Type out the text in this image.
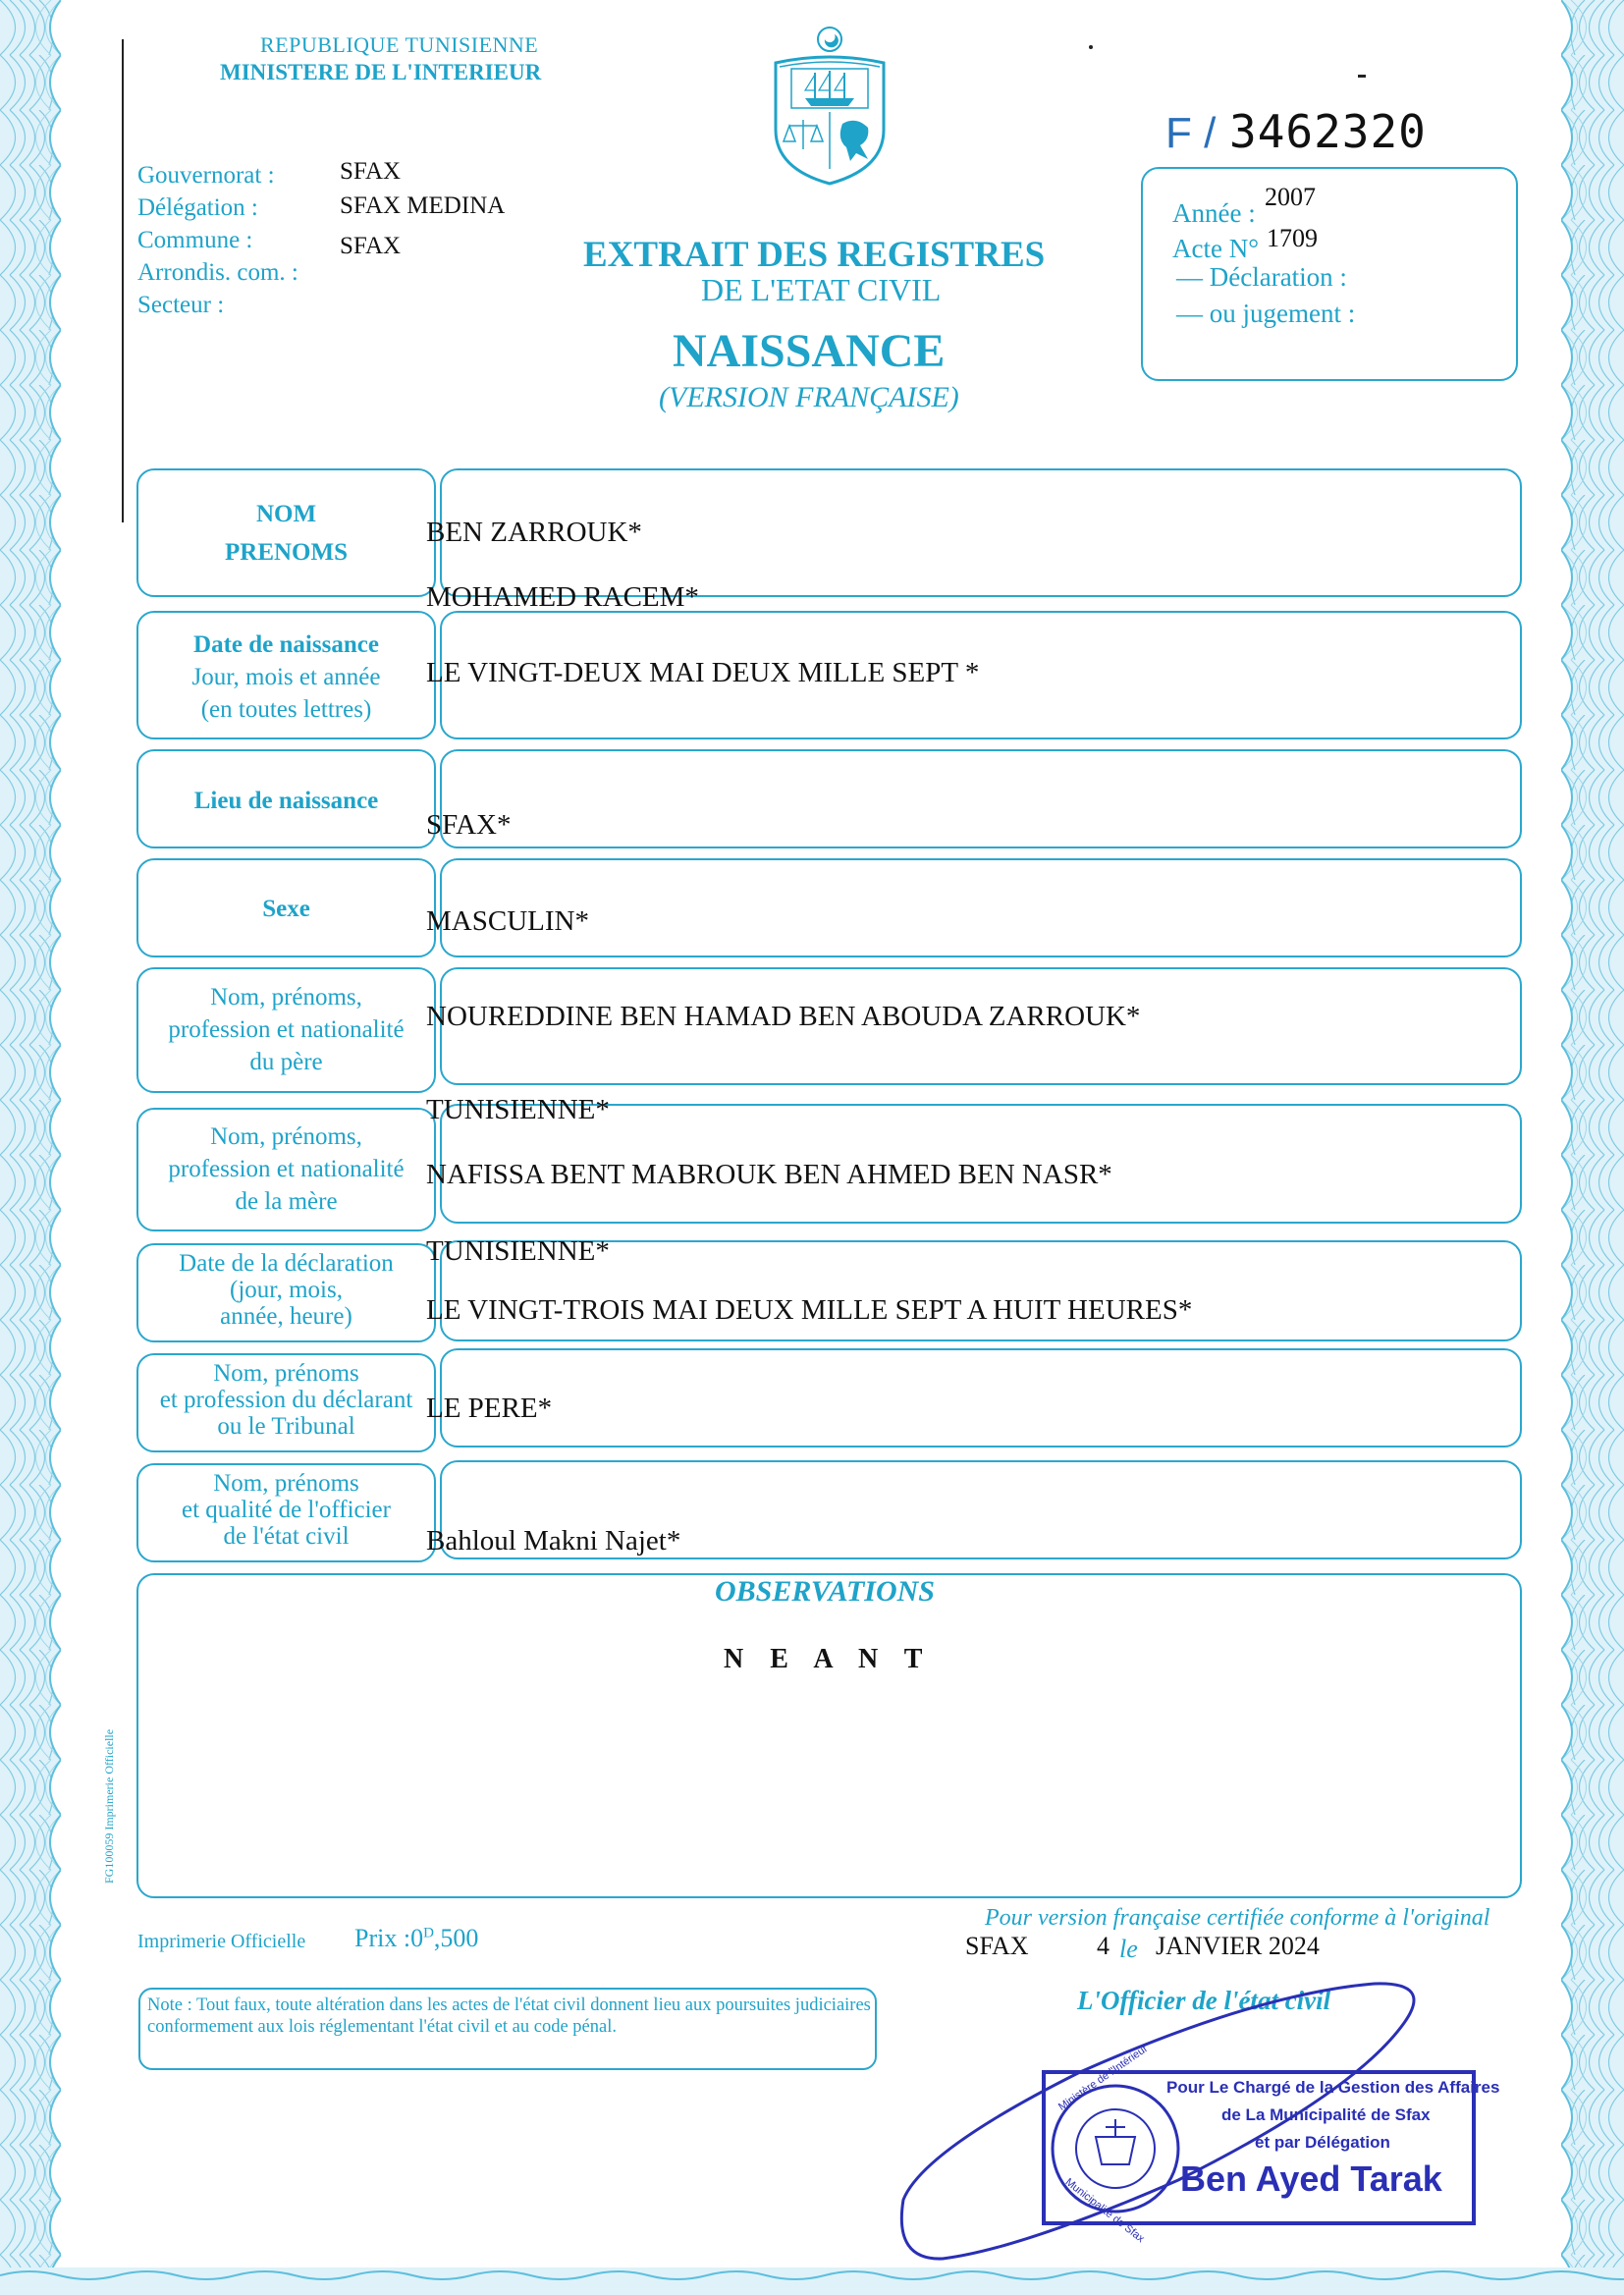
REPUBLIQUE TUNISIENNE
MINISTERE DE L'INTERIEUR
F / 3462320
Gouvernorat :
Délégation :
Commune :
Arrondis. com. :
Secteur :
SFAX
SFAX MEDINA
SFAX	EXTRAIT DES REGISTRES
DE L'ETAT CIVIL
NAISSANCE
(VERSION FRANÇAISE)
Année :
2007
Acte N° 1709
— Déclaration :
— ou jugement :
NOM
PRENOMS
Date de naissance
Jour, mois et année
(en toutes lettres)
Lieu de naissance
Sexe
Nom, prénoms,
profession et nationalité
du père
Nom, prénoms,
profession et nationalité
de la mère
Date de la déclaration
(jour, mois,
année, heure)
Nom, prénoms
et profession du déclarant
ou le Tribunal
Nom, prénoms
et qualité de l'officier
de l'état civil
BEN ZARROUK*
MOHAMED RACEM*
LE VINGT-DEUX MAI DEUX MILLE SEPT *
SFAX*
MASCULIN*
NOUREDDINE BEN HAMAD BEN ABOUDA ZARROUK*
TUNISIENNE*
NAFISSA BENT MABROUK BEN AHMED BEN NASR*
TUNISIENNE*
LE VINGT-TROIS MAI DEUX MILLE SEPT A HUIT HEURES*
LE PERE*
Bahloul Makni Najet*
OBSERVATIONS
N E A N T
FG100059 Imprimerie Officielle
Imprimerie Officielle Prix $:0^D,500$
Note : Tout faux, toute altération dans les actes de l'état civil donnent lieu aux poursuites judiciaires conformement aux lois réglementant l'état civil et au code pénal.
Pour version française certifiée conforme à l'original
SFAX	4 le JANVIER 2024
L'Officier de l'état civil
Ministère de l'Intérieur
Municipalité de Sfax
Pour Le Chargé de la Gestion des Affaires
de La Municipalité de Sfax
et par Délégation
Ben Ayed Tarak
